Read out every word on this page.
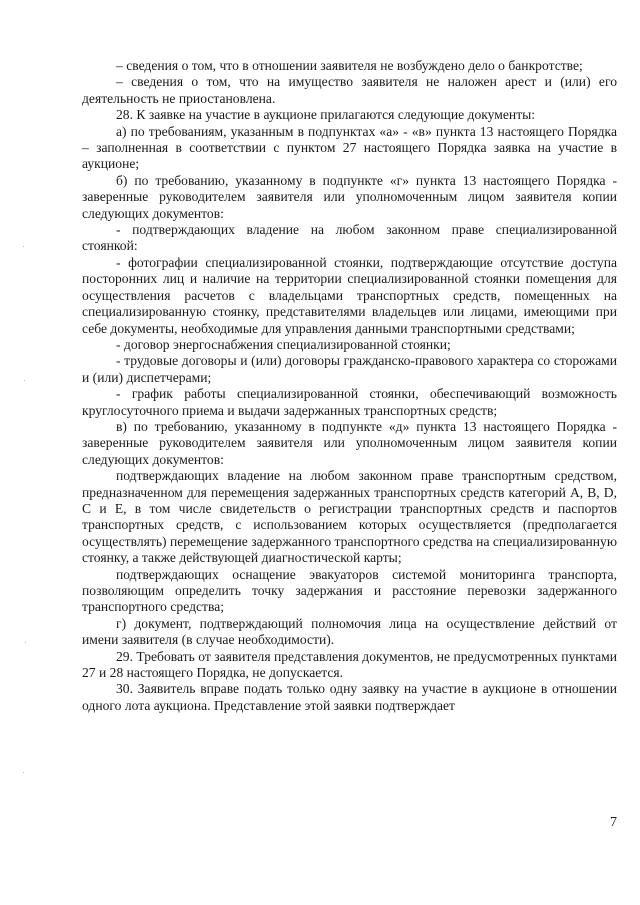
– сведения о том, что в отношении заявителя не возбуждено дело о банкротстве;

– сведения о том, что на имущество заявителя не наложен арест и (или) его деятельность не приостановлена.

28. К заявке на участие в аукционе прилагаются следующие документы:

а) по требованиям, указанным в подпунктах «а» - «в» пункта 13 настоящего Порядка – заполненная в соответствии с пунктом 27 настоящего Порядка заявка на участие в аукционе;

б) по требованию, указанному в подпункте «г» пункта 13 настоящего Порядка - заверенные руководителем заявителя или уполномоченным лицом заявителя копии следующих документов:

- подтверждающих владение на любом законном праве специализированной стоянкой:

- фотографии специализированной стоянки, подтверждающие отсутствие доступа посторонних лиц и наличие на территории специализированной стоянки помещения для осуществления расчетов с владельцами транспортных средств, помещенных на специализированную стоянку, представителями владельцев или лицами, имеющими при себе документы, необходимые для управления данными транспортными средствами;

- договор энергоснабжения специализированной стоянки;

- трудовые договоры и (или) договоры гражданско-правового характера со сторожами и (или) диспетчерами;

- график работы специализированной стоянки, обеспечивающий возможность круглосуточного приема и выдачи задержанных транспортных средств;

в) по требованию, указанному в подпункте «д» пункта 13 настоящего Порядка - заверенные руководителем заявителя или уполномоченным лицом заявителя копии следующих документов:

подтверждающих владение на любом законном праве транспортным средством, предназначенном для перемещения задержанных транспортных средств категорий А, В, D, С и Е, в том числе свидетельств о регистрации транспортных средств и паспортов транспортных средств, с использованием которых осуществляется (предполагается осуществлять) перемещение задержанного транспортного средства на специализированную стоянку, а также действующей диагностической карты;

подтверждающих оснащение эвакуаторов системой мониторинга транспорта, позволяющим определить точку задержания и расстояние перевозки задержанного транспортного средства;

г) документ, подтверждающий полномочия лица на осуществление действий от имени заявителя (в случае необходимости).

29. Требовать от заявителя представления документов, не предусмотренных пунктами 27 и 28 настоящего Порядка, не допускается.

30. Заявитель вправе подать только одну заявку на участие в аукционе в отношении одного лота аукциона. Представление этой заявки подтверждает

7
